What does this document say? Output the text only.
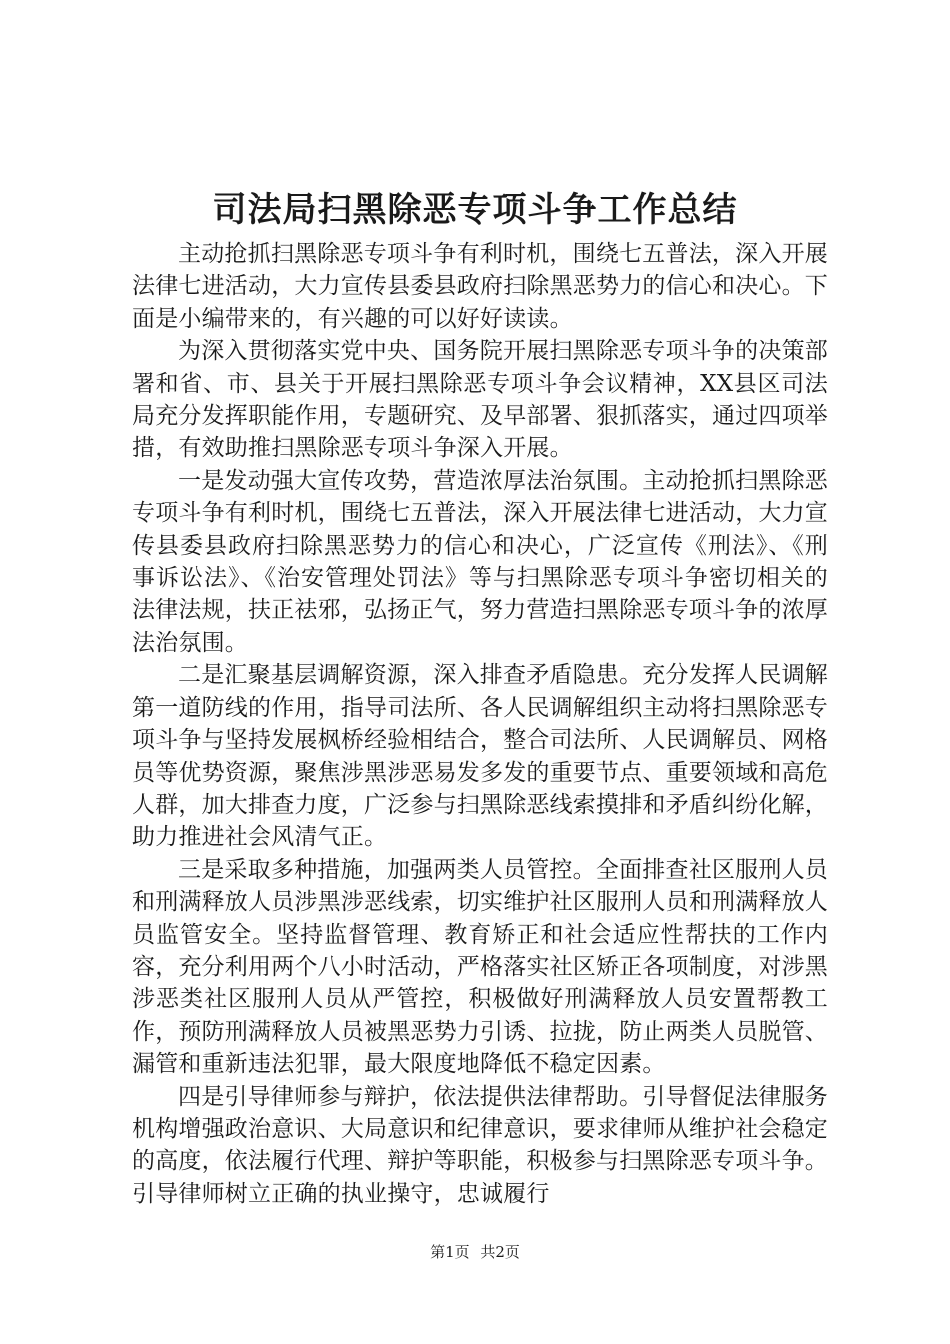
司法局扫黑除恶专项斗争工作总结

主动抢抓扫黑除恶专项斗争有利时机，围绕七五普法，深入开展法律七进活动，大力宣传县委县政府扫除黑恶势力的信心和决心。下面是小编带来的，有兴趣的可以好好读读。

为深入贯彻落实党中央、国务院开展扫黑除恶专项斗争的决策部署和省、市、县关于开展扫黑除恶专项斗争会议精神，XX县区司法局充分发挥职能作用，专题研究、及早部署、狠抓落实，通过四项举措，有效助推扫黑除恶专项斗争深入开展。

一是发动强大宣传攻势，营造浓厚法治氛围。主动抢抓扫黑除恶专项斗争有利时机，围绕七五普法，深入开展法律七进活动，大力宣传县委县政府扫除黑恶势力的信心和决心，广泛宣传《刑法》、《刑事诉讼法》、《治安管理处罚法》等与扫黑除恶专项斗争密切相关的法律法规，扶正祛邪，弘扬正气，努力营造扫黑除恶专项斗争的浓厚法治氛围。

二是汇聚基层调解资源，深入排查矛盾隐患。充分发挥人民调解第一道防线的作用，指导司法所、各人民调解组织主动将扫黑除恶专项斗争与坚持发展枫桥经验相结合，整合司法所、人民调解员、网格员等优势资源，聚焦涉黑涉恶易发多发的重要节点、重要领域和高危人群，加大排查力度，广泛参与扫黑除恶线索摸排和矛盾纠纷化解，助力推进社会风清气正。

三是采取多种措施，加强两类人员管控。全面排查社区服刑人员和刑满释放人员涉黑涉恶线索，切实维护社区服刑人员和刑满释放人员监管安全。坚持监督管理、教育矫正和社会适应性帮扶的工作内容，充分利用两个八小时活动，严格落实社区矫正各项制度，对涉黑涉恶类社区服刑人员从严管控，积极做好刑满释放人员安置帮教工作，预防刑满释放人员被黑恶势力引诱、拉拢，防止两类人员脱管、漏管和重新违法犯罪，最大限度地降低不稳定因素。

四是引导律师参与辩护，依法提供法律帮助。引导督促法律服务机构增强政治意识、大局意识和纪律意识，要求律师从维护社会稳定的高度，依法履行代理、辩护等职能，积极参与扫黑除恶专项斗争。引导律师树立正确的执业操守，忠诚履行

第1页 共2页
